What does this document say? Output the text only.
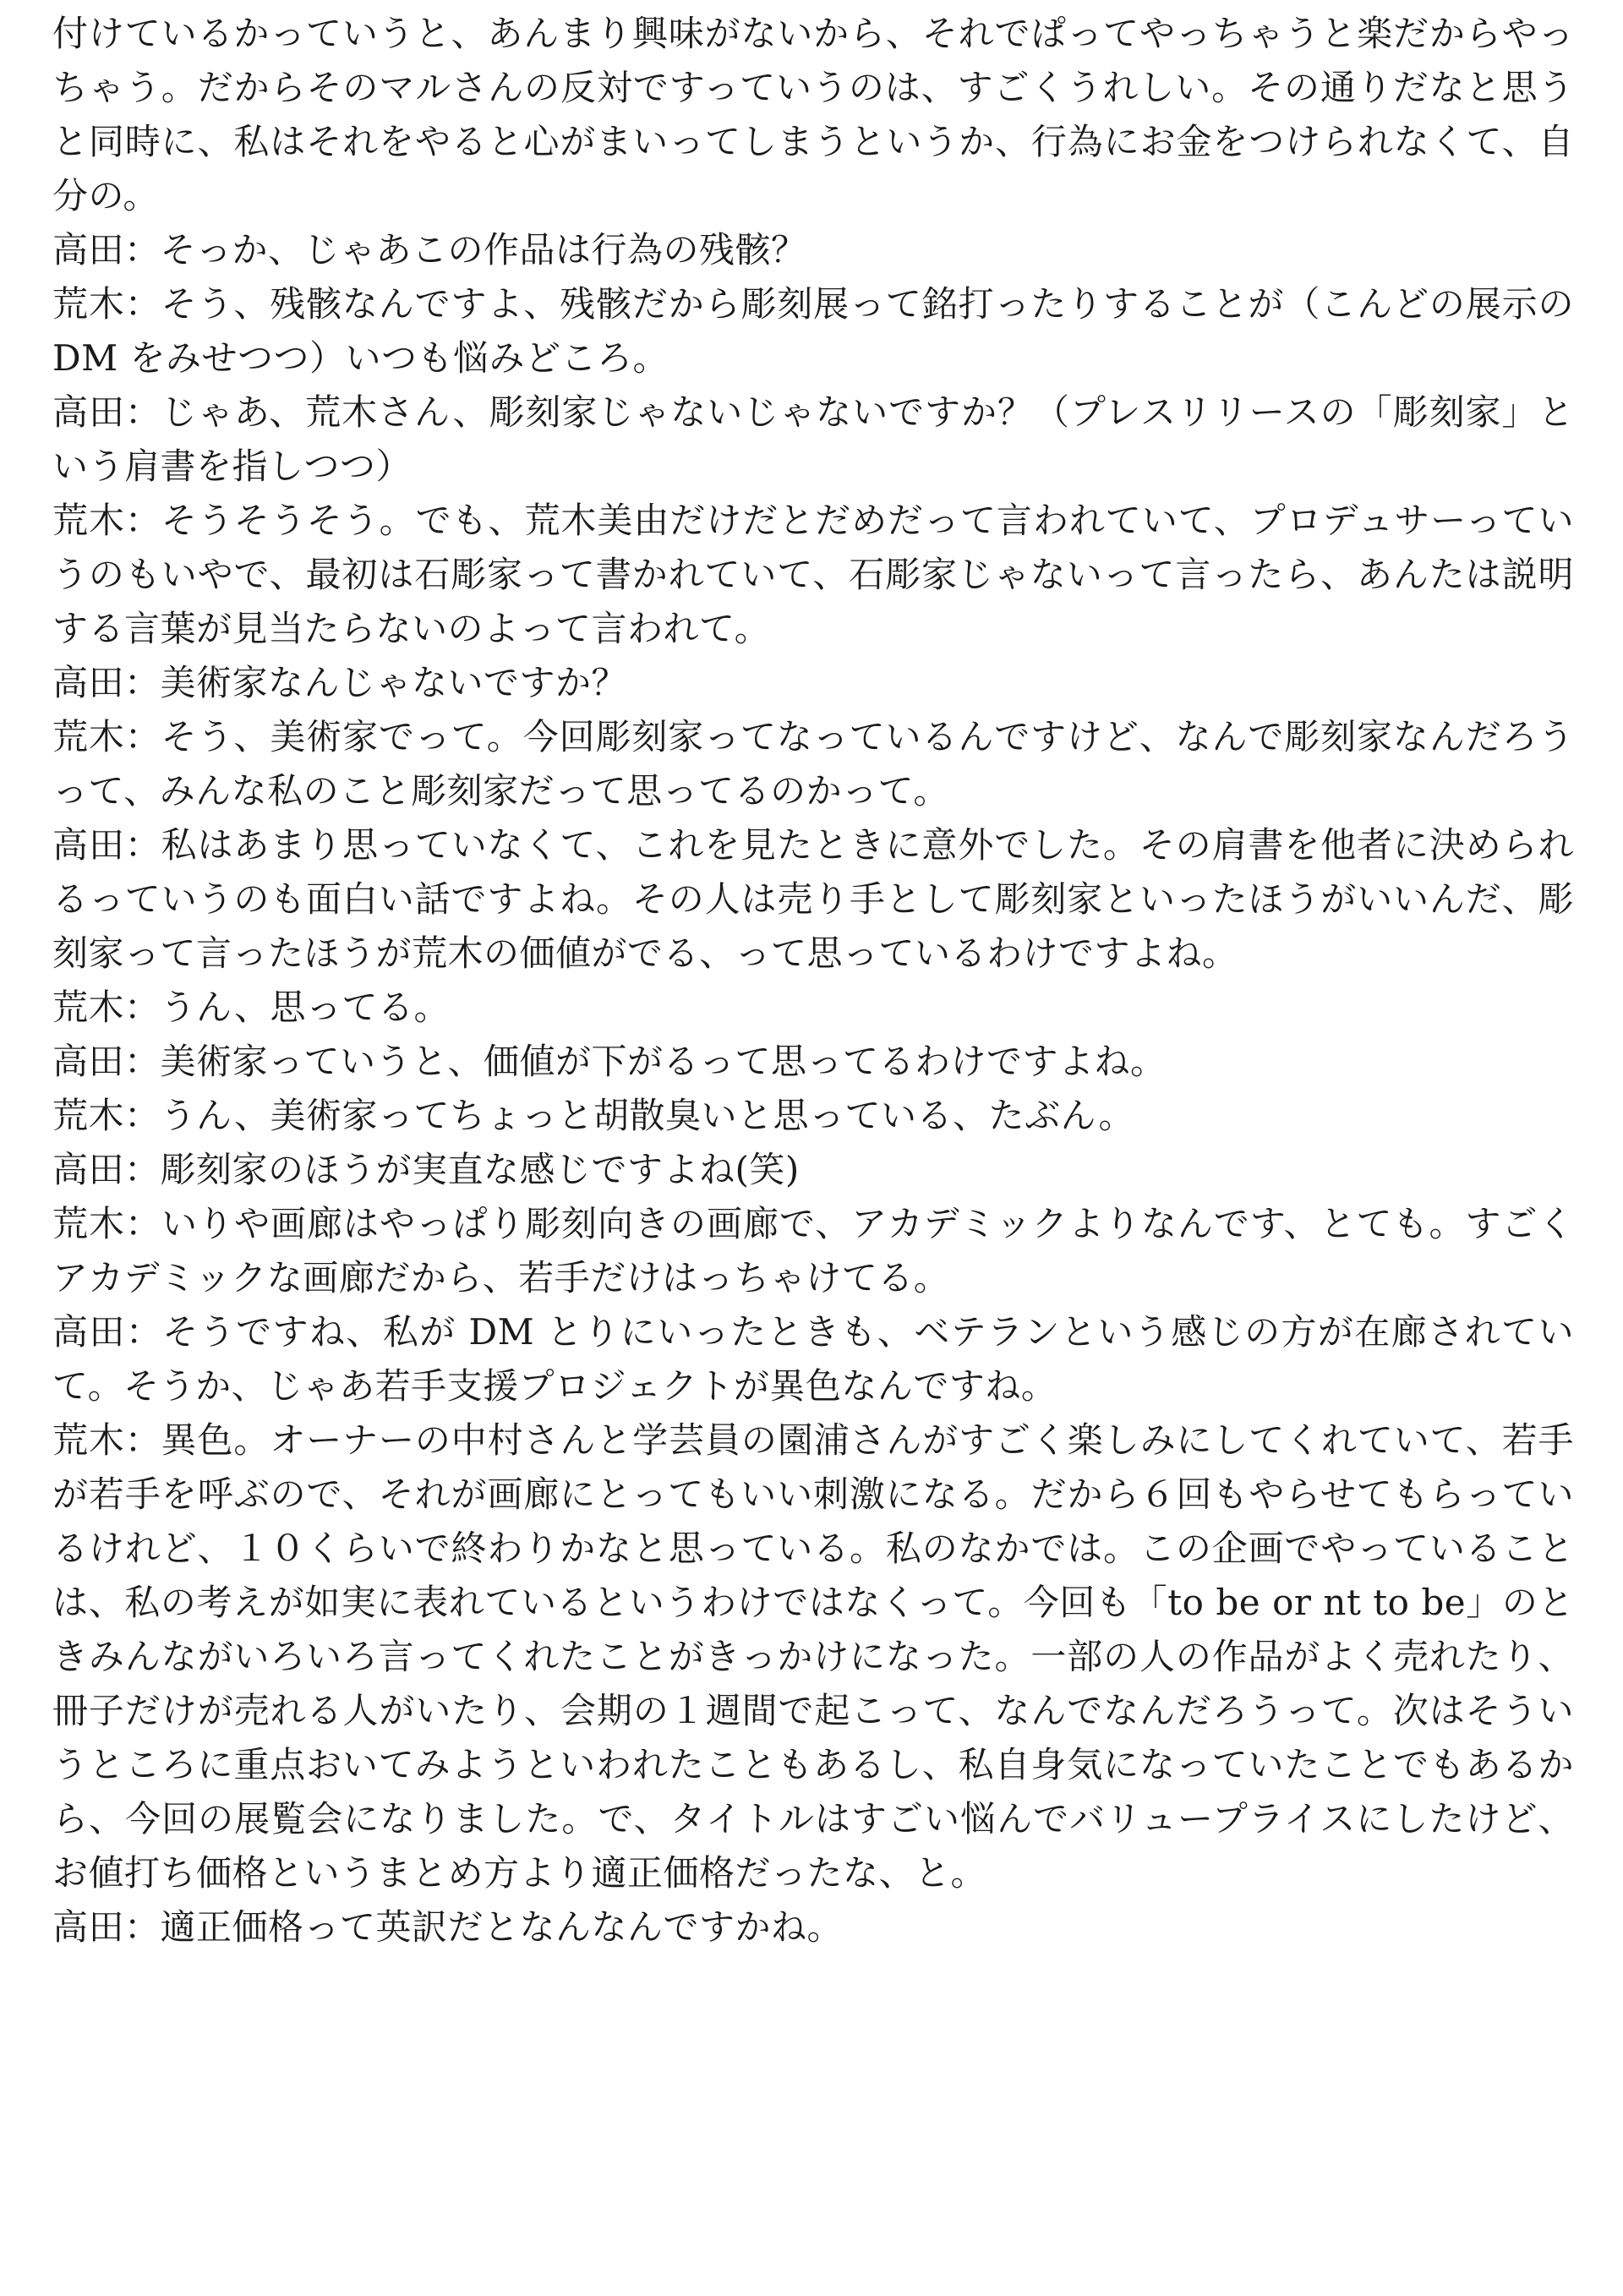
付けているかっていうと、あんまり興味がないから、それでぱってやっちゃうと楽だからやっちゃう。だからそのマルさんの反対ですっていうのは、すごくうれしい。その通りだなと思うと同時に、私はそれをやると心がまいってしまうというか、行為にお金をつけられなくて、自分の。

高田：そっか、じゃあこの作品は行為の残骸？

荒木：そう、残骸なんですよ、残骸だから彫刻展って銘打ったりすることが（こんどの展示の DM をみせつつ）いつも悩みどころ。

高田：じゃあ、荒木さん、彫刻家じゃないじゃないですか？（プレスリリースの「彫刻家」という肩書を指しつつ）

荒木：そうそうそう。でも、荒木美由だけだとだめだって言われていて、プロデュサーっていうのもいやで、最初は石彫家って書かれていて、石彫家じゃないって言ったら、あんたは説明する言葉が見当たらないのよって言われて。

高田：美術家なんじゃないですか？

荒木：そう、美術家でって。今回彫刻家ってなっているんですけど、なんで彫刻家なんだろうって、みんな私のこと彫刻家だって思ってるのかって。

高田：私はあまり思っていなくて、これを見たときに意外でした。その肩書を他者に決められるっていうのも面白い話ですよね。その人は売り手として彫刻家といったほうがいいんだ、彫刻家って言ったほうが荒木の価値がでる、って思っているわけですよね。

荒木：うん、思ってる。

高田：美術家っていうと、価値が下がるって思ってるわけですよね。

荒木：うん、美術家ってちょっと胡散臭いと思っている、たぶん。

高田：彫刻家のほうが実直な感じですよね(笑)

荒木：いりや画廊はやっぱり彫刻向きの画廊で、アカデミックよりなんです、とても。すごくアカデミックな画廊だから、若手だけはっちゃけてる。

高田：そうですね、私が DM とりにいったときも、ベテランという感じの方が在廊されていて。そうか、じゃあ若手支援プロジェクトが異色なんですね。

荒木：異色。オーナーの中村さんと学芸員の園浦さんがすごく楽しみにしてくれていて、若手が若手を呼ぶので、それが画廊にとってもいい刺激になる。だから６回もやらせてもらっているけれど、１０くらいで終わりかなと思っている。私のなかでは。この企画でやっていることは、私の考えが如実に表れているというわけではなくって。今回も「to be or nt to be」のときみんながいろいろ言ってくれたことがきっかけになった。一部の人の作品がよく売れたり、冊子だけが売れる人がいたり、会期の１週間で起こって、なんでなんだろうって。次はそういうところに重点おいてみようといわれたこともあるし、私自身気になっていたことでもあるから、今回の展覧会になりました。で、タイトルはすごい悩んでバリュープライスにしたけど、お値打ち価格というまとめ方より適正価格だったな、と。

高田：適正価格って英訳だとなんなんですかね。
